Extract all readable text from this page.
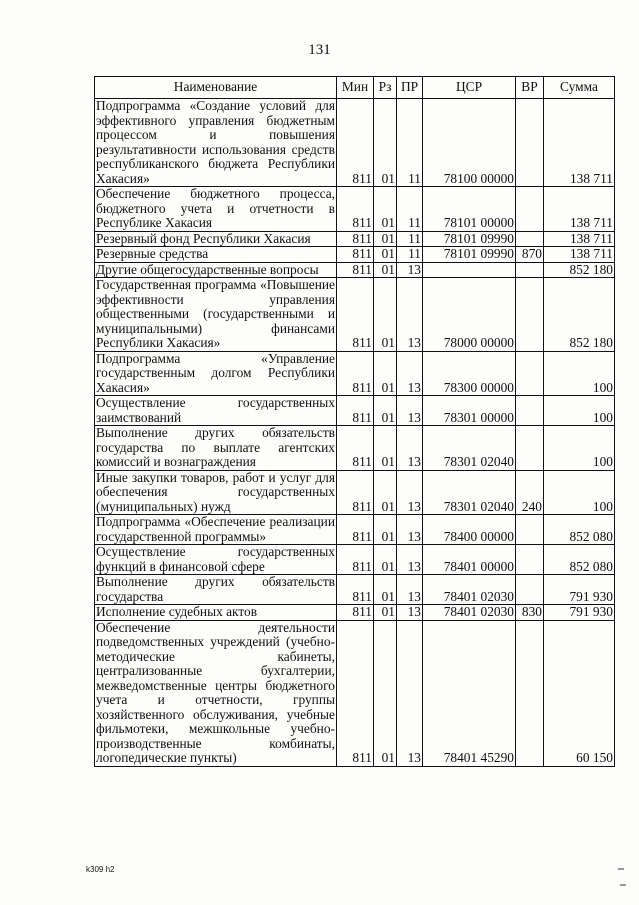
131
Наименование	Мин	Рз	ПР	ЦСР	ВР	Сумма
Подпрограмма «Создание условий для эффективного управления бюджетным процессом и повышения результативности использования средств республиканского бюджета Республики Хакасия»	811	01	11	78100 00000		138 711
Обеспечение бюджетного процесса, бюджетного учета и отчетности в Республике Хакасия	811	01	11	78101 00000		138 711
Резервный фонд Республики Хакасия	811	01	11	78101 09990		138 711
Резервные средства	811	01	11	78101 09990	870	138 711
Другие общегосударственные вопросы	811	01	13			852 180
Государственная программа «Повышение эффективности управления общественными (государственными и муниципальными) финансами Республики Хакасия»	811	01	13	78000 00000		852 180
Подпрограмма «Управление государственным долгом Республики Хакасия»	811	01	13	78300 00000		100
Осуществление государственных заимствований	811	01	13	78301 00000		100
Выполнение других обязательств государства по выплате агентских комиссий и вознаграждения	811	01	13	78301 02040		100
Иные закупки товаров, работ и услуг для обеспечения государственных (муниципальных) нужд	811	01	13	78301 02040	240	100
Подпрограмма «Обеспечение реализации государственной программы»	811	01	13	78400 00000		852 080
Осуществление государственных функций в финансовой сфере	811	01	13	78401 00000		852 080
Выполнение других обязательств государства	811	01	13	78401 02030		791 930
Исполнение судебных актов	811	01	13	78401 02030	830	791 930
Обеспечение деятельности подведомственных учреждений (учебно-методические кабинеты, централизованные бухгалтерии, межведомственные центры бюджетного учета и отчетности, группы хозяйственного обслуживания, учебные фильмотеки, межшкольные учебно-производственные комбинаты, логопедические пункты)	811	01	13	78401 45290		60 150
k309 h2
